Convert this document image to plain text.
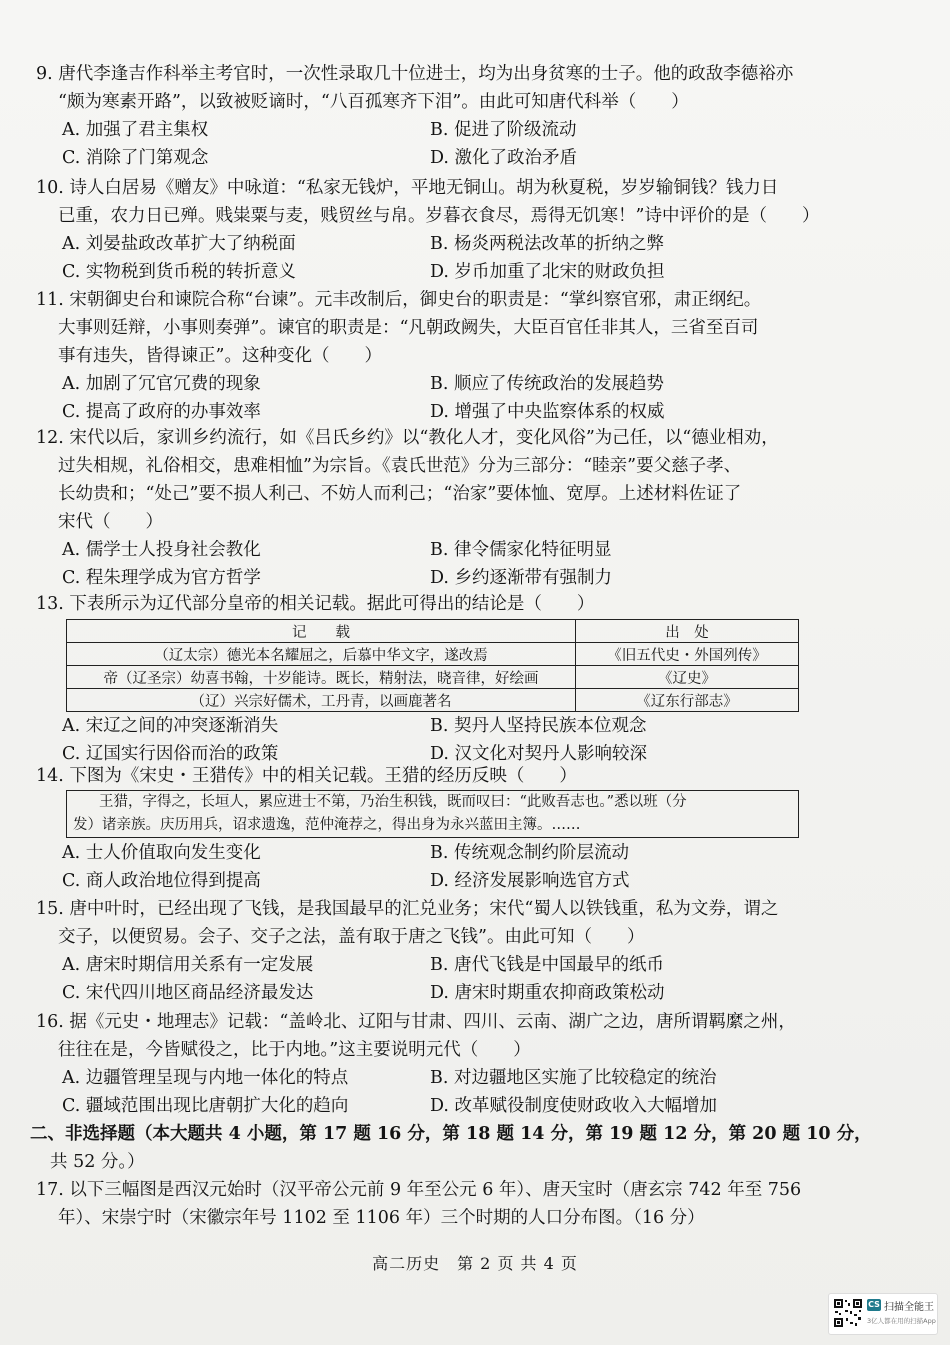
9. 唐代李逢吉作科举主考官时，一次性录取几十位进士，均为出身贫寒的士子。他的政敌李德裕亦
“颇为寒素开路”，以致被贬谪时，“八百孤寒齐下泪”。由此可知唐代科举（　　）
A. 加强了君主集权	B. 促进了阶级流动
C. 消除了门第观念	D. 激化了政治矛盾
10. 诗人白居易《赠友》中咏道：“私家无钱炉，平地无铜山。胡为秋夏税，岁岁输铜钱？钱力日
已重，农力日已殚。贱粜粟与麦，贱贸丝与帛。岁暮衣食尽，焉得无饥寒！”诗中评价的是（　　）
A. 刘晏盐政改革扩大了纳税面	B. 杨炎两税法改革的折纳之弊
C. 实物税到货币税的转折意义	D. 岁币加重了北宋的财政负担
11. 宋朝御史台和谏院合称“台谏”。元丰改制后，御史台的职责是：“掌纠察官邪，肃正纲纪。
大事则廷辩，小事则奏弹”。谏官的职责是：“凡朝政阙失，大臣百官任非其人，三省至百司
事有违失，皆得谏正”。这种变化（　　）
A. 加剧了冗官冗费的现象	B. 顺应了传统政治的发展趋势
C. 提高了政府的办事效率	D. 增强了中央监察体系的权威
12. 宋代以后，家训乡约流行，如《吕氏乡约》以“教化人才，变化风俗”为己任，以“德业相劝，
过失相规，礼俗相交，患难相恤”为宗旨。《袁氏世范》分为三部分：“睦亲”要父慈子孝、
长幼贵和；“处己”要不损人利己、不妨人而利己；“治家”要体恤、宽厚。上述材料佐证了
宋代（　　）
A. 儒学士人投身社会教化	B. 律令儒家化特征明显
C. 程朱理学成为官方哲学	D. 乡约逐渐带有强制力
13. 下表所示为辽代部分皇帝的相关记载。据此可得出的结论是（　　）
记　　载	出　处
（辽太宗）德光本名耀屈之，后慕中华文字，遂改焉	《旧五代史・外国列传》
帝（辽圣宗）幼喜书翰，十岁能诗。既长，精射法，晓音律，好绘画	《辽史》
（辽）兴宗好儒术，工丹青，以画鹿著名	《辽东行部志》
A. 宋辽之间的冲突逐渐消失	B. 契丹人坚持民族本位观念
C. 辽国实行因俗而治的政策	D. 汉文化对契丹人影响较深
14. 下图为《宋史・王猎传》中的相关记载。王猎的经历反映（　　）
王猎，字得之，长垣人，累应进士不第，乃治生积钱，既而叹曰：“此败吾志也。”悉以班（分
发）诸亲族。庆历用兵，诏求遗逸，范仲淹荐之，得出身为永兴蓝田主簿。……
A. 士人价值取向发生变化	B. 传统观念制约阶层流动
C. 商人政治地位得到提高	D. 经济发展影响选官方式
15. 唐中叶时，已经出现了飞钱，是我国最早的汇兑业务；宋代“蜀人以铁钱重，私为文券，谓之
交子，以便贸易。会子、交子之法，盖有取于唐之飞钱”。由此可知（　　）
A. 唐宋时期信用关系有一定发展	B. 唐代飞钱是中国最早的纸币
C. 宋代四川地区商品经济最发达	D. 唐宋时期重农抑商政策松动
16. 据《元史・地理志》记载：“盖岭北、辽阳与甘肃、四川、云南、湖广之边，唐所谓羁縻之州，
往往在是，今皆赋役之，比于内地。”这主要说明元代（　　）
A. 边疆管理呈现与内地一体化的特点	B. 对边疆地区实施了比较稳定的统治
C. 疆域范围出现比唐朝扩大化的趋向	D. 改革赋役制度使财政收入大幅增加
二、非选择题（本大题共 4 小题，第 17 题 16 分，第 18 题 14 分，第 19 题 12 分，第 20 题 10 分，
共 52 分。）
17. 以下三幅图是西汉元始时（汉平帝公元前 9 年至公元 6 年）、唐天宝时（唐玄宗 742 年至 756
年）、宋崇宁时（宋徽宗年号 1102 至 1106 年）三个时期的人口分布图。（16 分）
高二历史　第 2 页 共 4 页
CS 扫描全能王
3亿人都在用的扫描App
